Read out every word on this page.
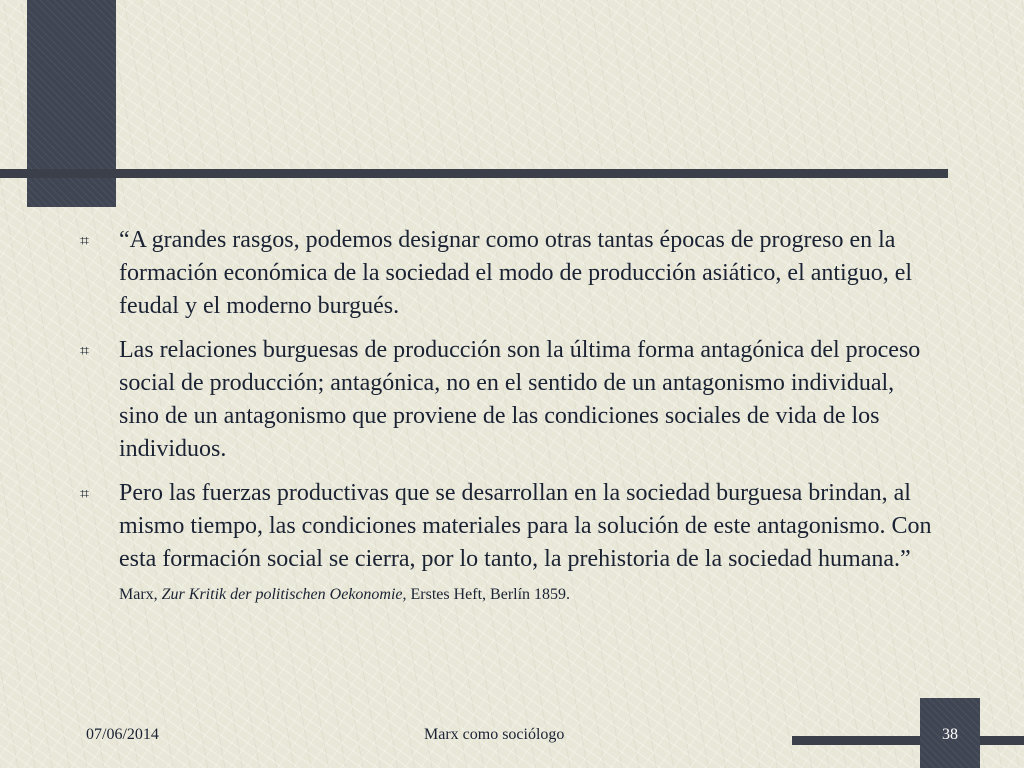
⌗ “A grandes rasgos, podemos designar como otras tantas épocas de progreso en la formación económica de la sociedad el modo de producción asiático, el antiguo, el feudal y el moderno burgués.
⌗ Las relaciones burguesas de producción son la última forma antagónica del proceso social de producción; antagónica, no en el sentido de un antagonismo individual, sino de un antagonismo que proviene de las condiciones sociales de vida de los individuos.
⌗ Pero las fuerzas productivas que se desarrollan en la sociedad burguesa brindan, al mismo tiempo, las condiciones materiales para la solución de este antagonismo. Con esta formación social se cierra, por lo tanto, la prehistoria de la sociedad humana.” Marx, Zur Kritik der politischen Oekonomie, Erstes Heft, Berlín 1859.
07/06/2014	Marx como sociólogo	38
